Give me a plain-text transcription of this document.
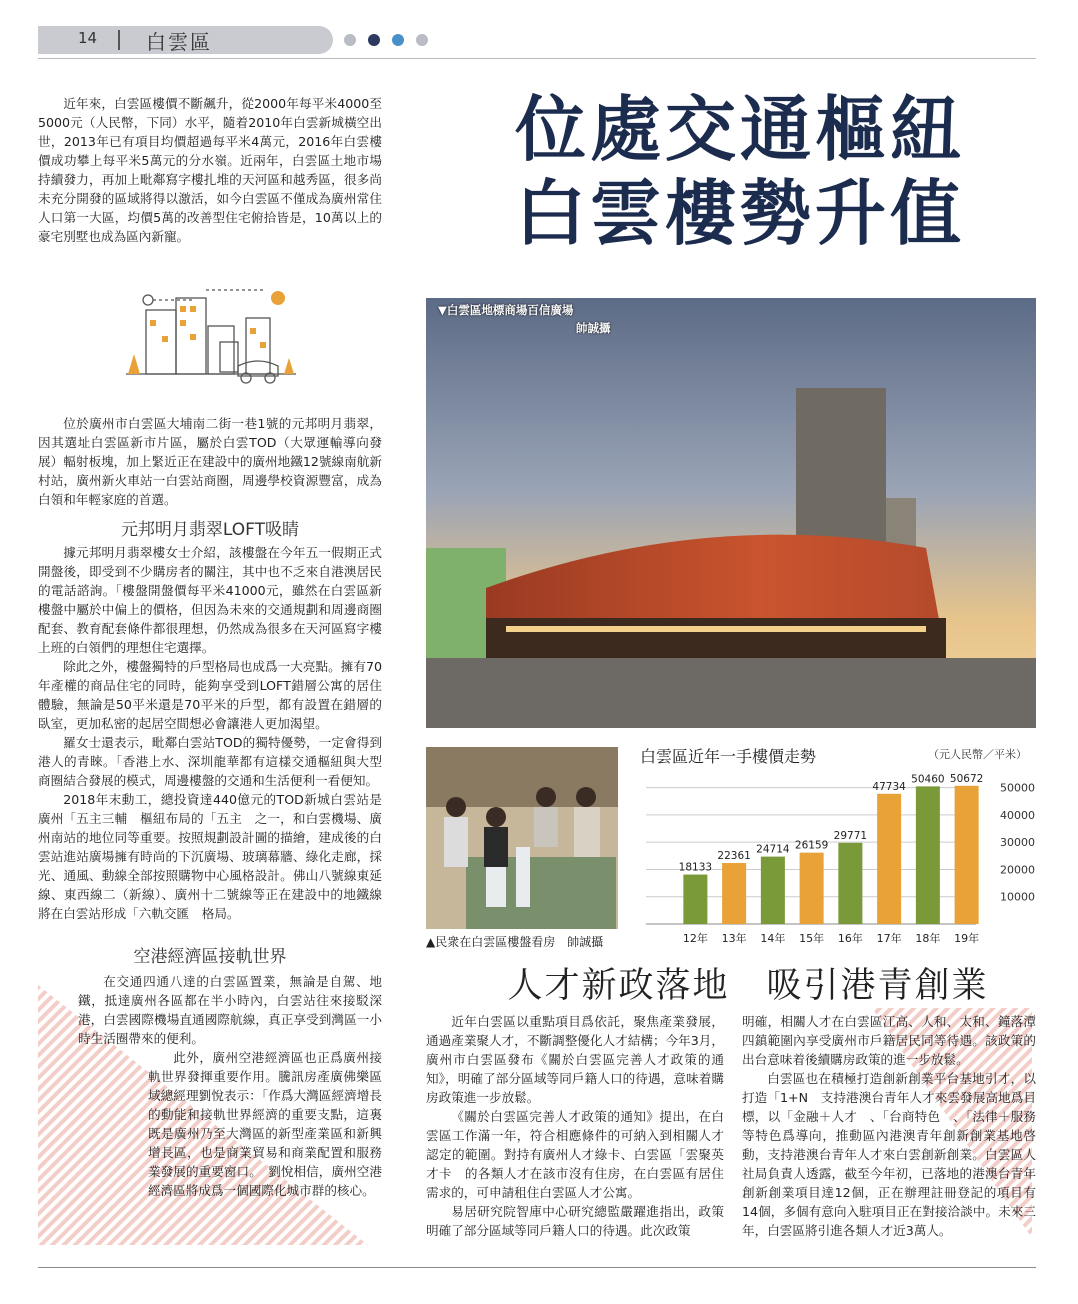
14 白雲區
位處交通樞紐
白雲樓勢升值

近年來，白雲區樓價不斷飆升，從2000年每平米4000至5000元（人民幣，下同）水平，隨着2010年白雲新城橫空出世，2013年已有項目均價超過每平米4萬元，2016年白雲樓價成功攀上每平米5萬元的分水嶺。近兩年，白雲區土地市場持續發力，再加上毗鄰寫字樓扎堆的天河區和越秀區，很多尚未充分開發的區域將得以激活，如今白雲區不僅成為廣州常住人口第一大區，均價5萬的改善型住宅俯拾皆是，10萬以上的豪宅別墅也成為區內新寵。

位於廣州市白雲區大埔南二街一巷1號的元邦明月翡翠，因其選址白雲區新市片區，屬於白雲TOD（大眾運輸導向發展）輻射板塊，加上緊近正在建設中的廣州地鐵12號線南航新村站，廣州新火車站一白雲站商圈，周邊學校資源豐富，成為白領和年輕家庭的首選。

元邦明月翡翠LOFT吸睛

據元邦明月翡翠樓女士介紹，該樓盤在今年五一假期正式開盤後，即受到不少購房者的關注，其中也不乏來自港澳居民的電話諮詢。「樓盤開盤價每平米41000元，雖然在白雲區新樓盤中屬於中偏上的價格，但因為未來的交通規劃和周邊商圈配套、教育配套條件都很理想，仍然成為很多在天河區寫字樓上班的白領們的理想住宅選擇。

除此之外，樓盤獨特的戶型格局也成爲一大亮點。擁有70年產權的商品住宅的同時，能夠享受到LOFT錯層公寓的居住體驗，無論是50平米還是70平米的戶型，都有設置在錯層的臥室，更加私密的起居空間想必會讓港人更加渴望。

羅女士還表示，毗鄰白雲站TOD的獨特優勢，一定會得到港人的青睞。「香港上水、深圳龍華都有這樣交通樞紐與大型商圈結合發展的模式，周邊樓盤的交通和生活便利一看便知。

2018年末動工，總投資達440億元的TOD新城白雲站是廣州「五主三輔　樞紐布局的「五主　之一，和白雲機場、廣州南站的地位同等重要。按照規劃設計圖的描繪，建成後的白雲站進站廣場擁有時尚的下沉廣場、玻璃幕牆、綠化走廊，採光、通風、動線全部按照購物中心風格設計。佛山八號線東延線、東西線二（新線）、廣州十二號線等正在建設中的地鐵線將在白雲站形成「六軌交匯　格局。

空港經濟區接軌世界

在交通四通八達的白雲區置業，無論是自駕、地鐵，抵達廣州各區都在半小時內，白雲站往來接駁深港，白雲國際機場直通國際航線，真正享受到灣區一小時生活圈帶來的便利。

此外，廣州空港經濟區也正爲廣州接軌世界發揮重要作用。騰訊房產廣佛樂區域總經理劉悅表示：「作爲大灣區經濟增長的動能和接軌世界經濟的重要支點，這裏既是廣州乃至大灣區的新型產業區和新興增長區，也是商業貿易和商業配置和服務業發展的重要窗口。　劉悅相信，廣州空港經濟區將成爲一個國際化城市群的核心。

▼白雲區地標商場百信廣場
帥誠攝
▲民衆在白雲區樓盤看房　帥誠攝
白雲區近年一手樓價走勢	（元人民幣／平米）
18133
22361
24714 26159
29771
47734
50460 50672
12年 13年 14年 15年 16年 17年 18年 19年
10000
20000
30000
40000
50000
人才新政落地　吸引港青創業

近年白雲區以重點項目爲依託，聚焦產業發展，通過產業聚人才，不斷調整優化人才結構；今年3月，廣州市白雲區發布《關於白雲區完善人才政策的通知》，明確了部分區域等同戶籍人口的待遇，意味着購房政策進一步放鬆。

《關於白雲區完善人才政策的通知》提出，在白雲區工作滿一年，符合相應條件的可納入到相關人才認定的範圍。對持有廣州人才綠卡、白雲區「雲聚英才卡　的各類人才在該市沒有住房，在白雲區有居住需求的，可申請租住白雲區人才公寓。

易居研究院智庫中心研究總監嚴躍進指出，政策明確了部分區域等同戶籍人口的待遇。此次政策

明確，相關人才在白雲區江高、人和、太和、鐘落潭四鎮範圍內享受廣州市戶籍居民同等待遇。該政策的出台意味着後續購房政策的進一步放鬆。

白雲區也在積極打造創新創業平台基地引才，以打造「1+N　支持港澳台青年人才來雲發展高地爲目標，以「金融＋人才　、「台商特色　、「法律＋服務　等特色爲導向，推動區內港澳青年創新創業基地啓動，支持港澳台青年人才來白雲創新創業。白雲區人社局負責人透露，截至今年初，已落地的港澳台青年創新創業項目達12個，正在辦理註冊登記的項目有14個，多個有意向入駐項目正在對接洽談中。未來三年，白雲區將引進各類人才近3萬人。
